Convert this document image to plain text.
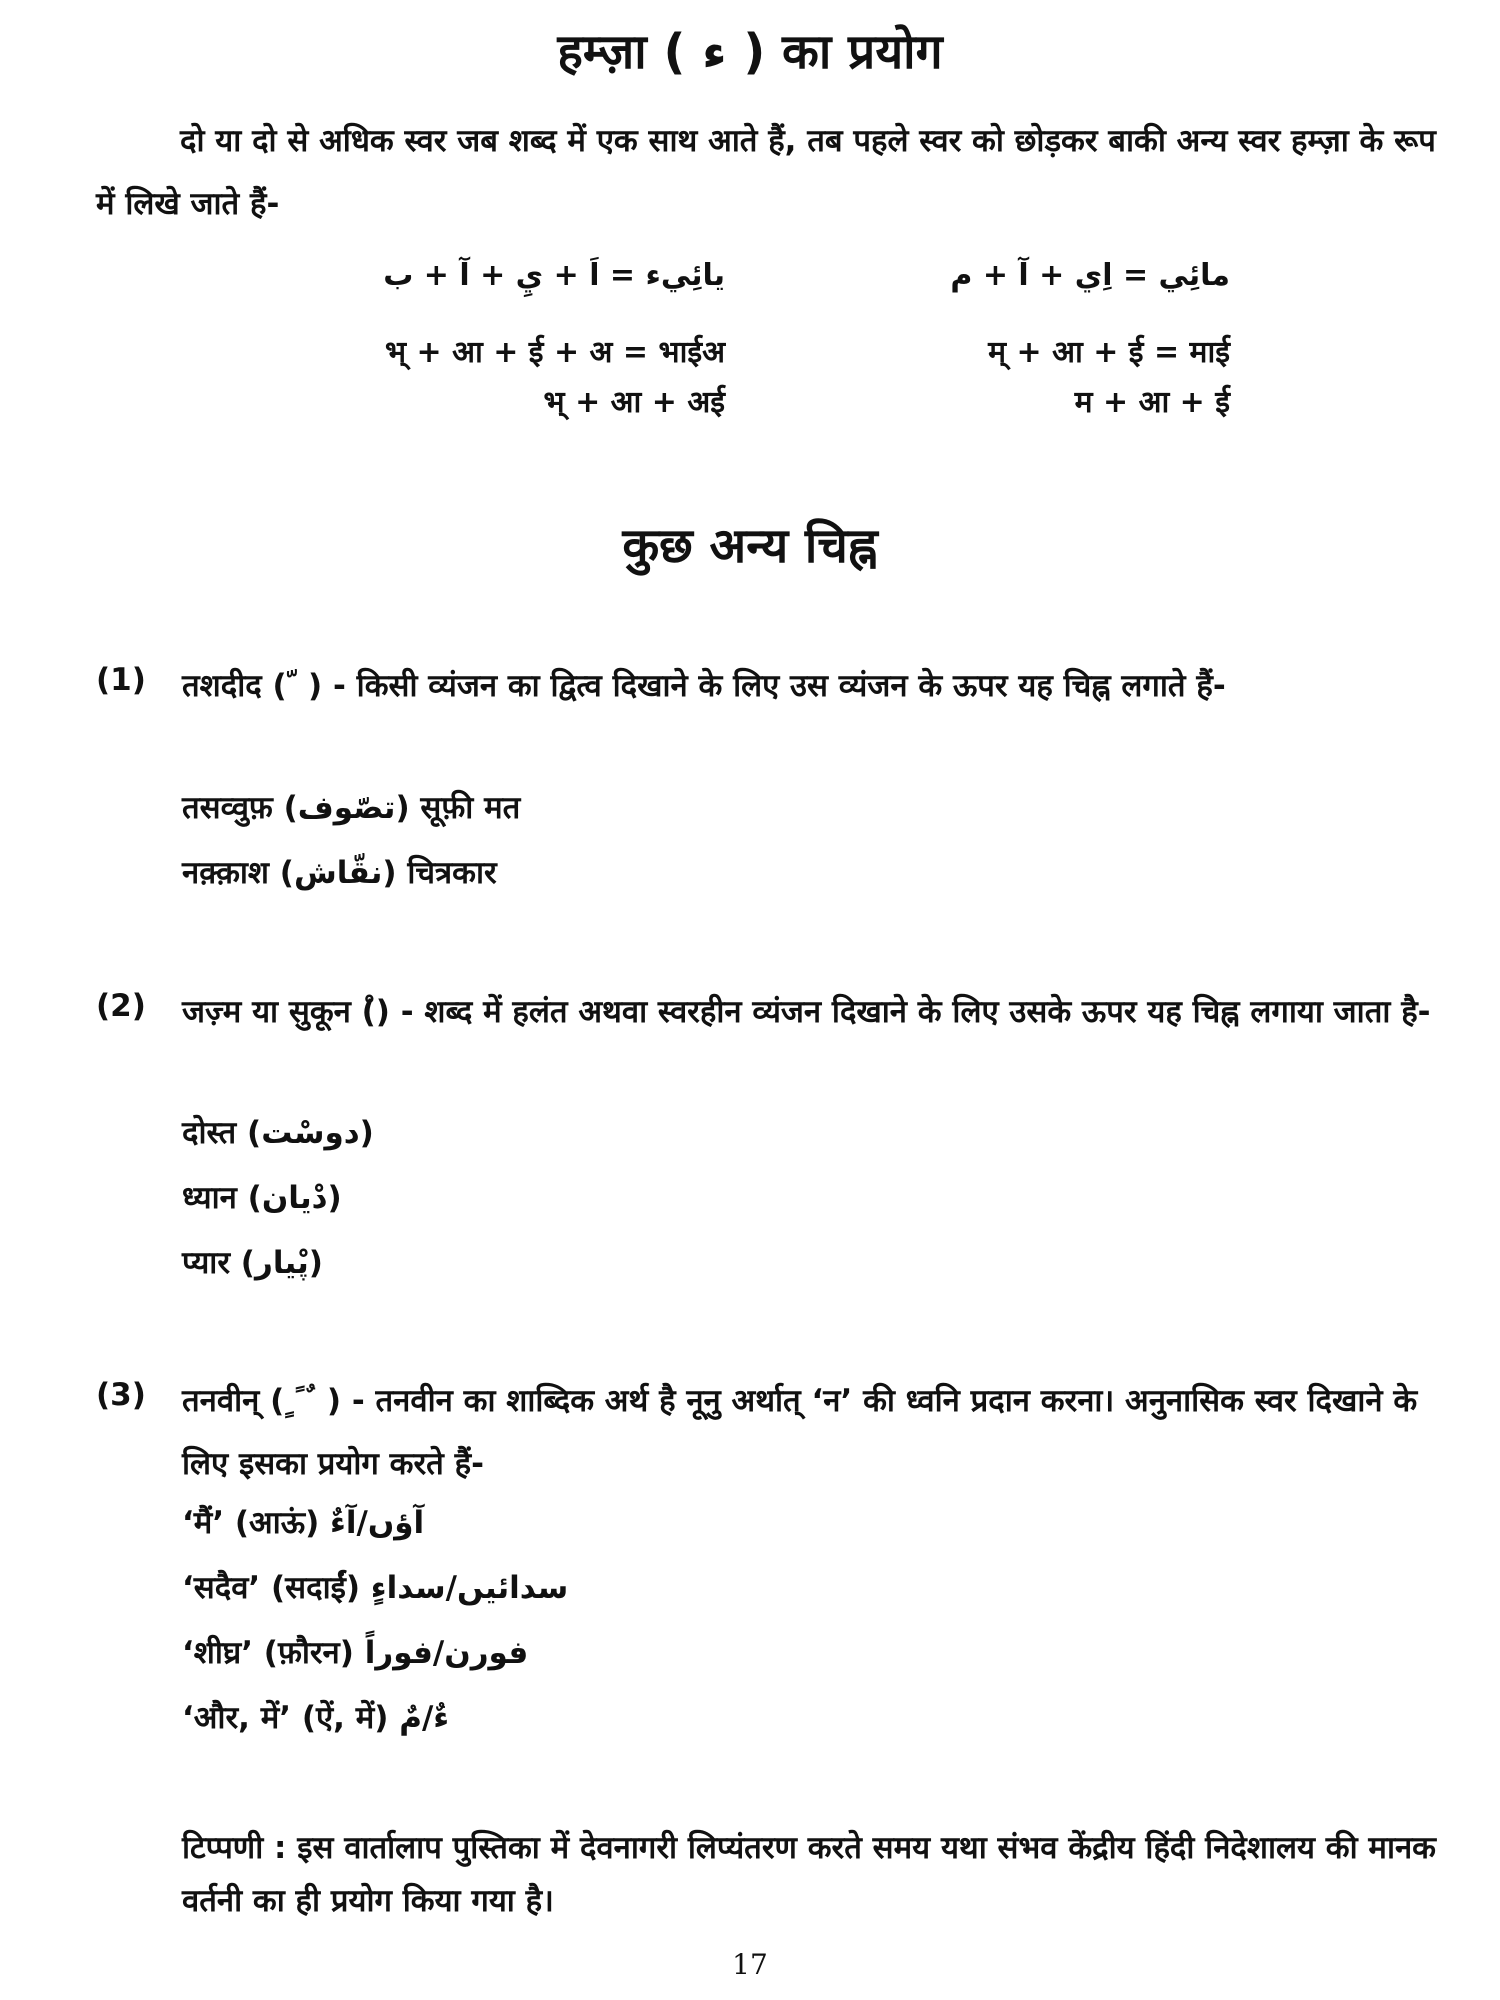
हम्ज़ा ( ء ) का प्रयोग
दो या दो से अधिक स्वर जब शब्द में एक साथ आते हैं, तब पहले स्वर को छोड़कर बाकी अन्य स्वर हम्ज़ा के रूप में लिखे जाते हैं-
يائِيء = اَ + يِ + آ + ب
भ् + आ + ई + अ = भाईअ
भ् + आ + अई
مائِي = اِي + آ + م
म् + आ + ई = माई
म + आ + ई
कुछ अन्य चिह्न
(1) तशदीद ( ّ ) - किसी व्यंजन का द्वित्व दिखाने के लिए उस व्यंजन के ऊपर यह चिह्न लगाते हैं-
तसव्वुफ़ (تصّوف) सूफ़ी मत
नक़्क़ाश (نقّاش) चित्रकार
(2) जज़्म या सुकून (ْ) - शब्द में हलंत अथवा स्वरहीन व्यंजन दिखाने के लिए उसके ऊपर यह चिह्न लगाया जाता है-
दोस्त (دوسْت)
ध्यान (دْیان)
प्यार (پْیار)
(3) तनवीन् ( ٍ ً ٌ ) - तनवीन का शाब्दिक अर्थ है नूनु अर्थात् ‘न’ की ध्वनि प्रदान करना। अनुनासिक स्वर दिखाने के लिए इसका प्रयोग करते हैं-
‘मैं’ (आऊं) آؤں/آءٌ
‘सदैव’ (सदाईं) سدائیں/سداءٍ
‘शीघ्र’ (फ़ौरन) فورن/فوراً
‘और, में’ (ऐं, में) ءٌ/مٌ
टिप्पणी : इस वार्तालाप पुस्तिका में देवनागरी लिप्यंतरण करते समय यथा संभव केंद्रीय हिंदी निदेशालय की मानक वर्तनी का ही प्रयोग किया गया है।
17
